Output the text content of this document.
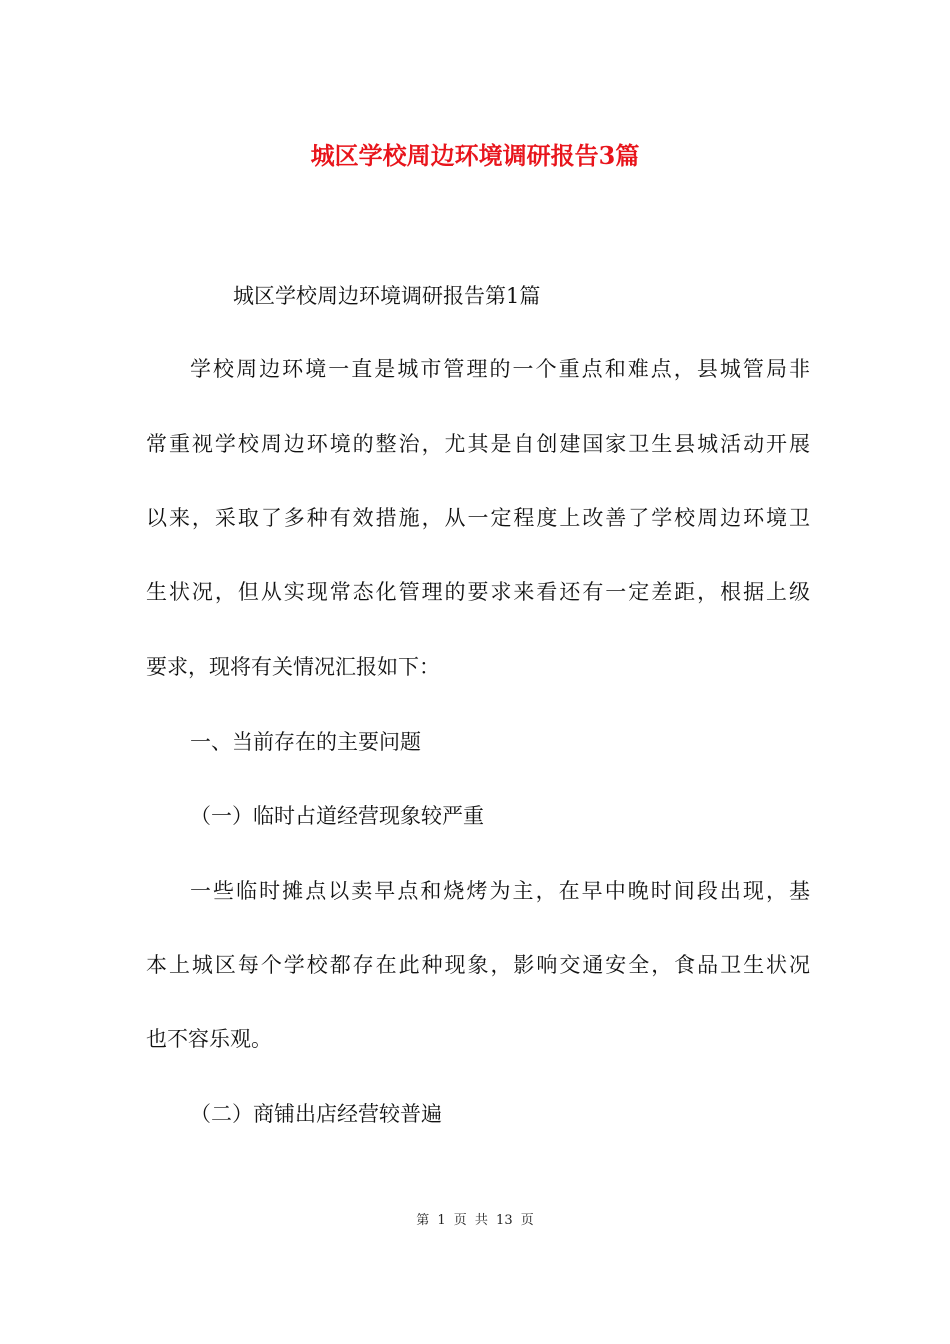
城区学校周边环境调研报告3篇
城区学校周边环境调研报告第1篇
学校周边环境一直是城市管理的一个重点和难点，县城管局非
常重视学校周边环境的整治，尤其是自创建国家卫生县城活动开展
以来，采取了多种有效措施，从一定程度上改善了学校周边环境卫
生状况，但从实现常态化管理的要求来看还有一定差距，根据上级
要求，现将有关情况汇报如下：
一、当前存在的主要问题
（一）临时占道经营现象较严重
一些临时摊点以卖早点和烧烤为主，在早中晚时间段出现，基
本上城区每个学校都存在此种现象，影响交通安全，食品卫生状况
也不容乐观。
（二）商铺出店经营较普遍
第 1 页 共 13 页
